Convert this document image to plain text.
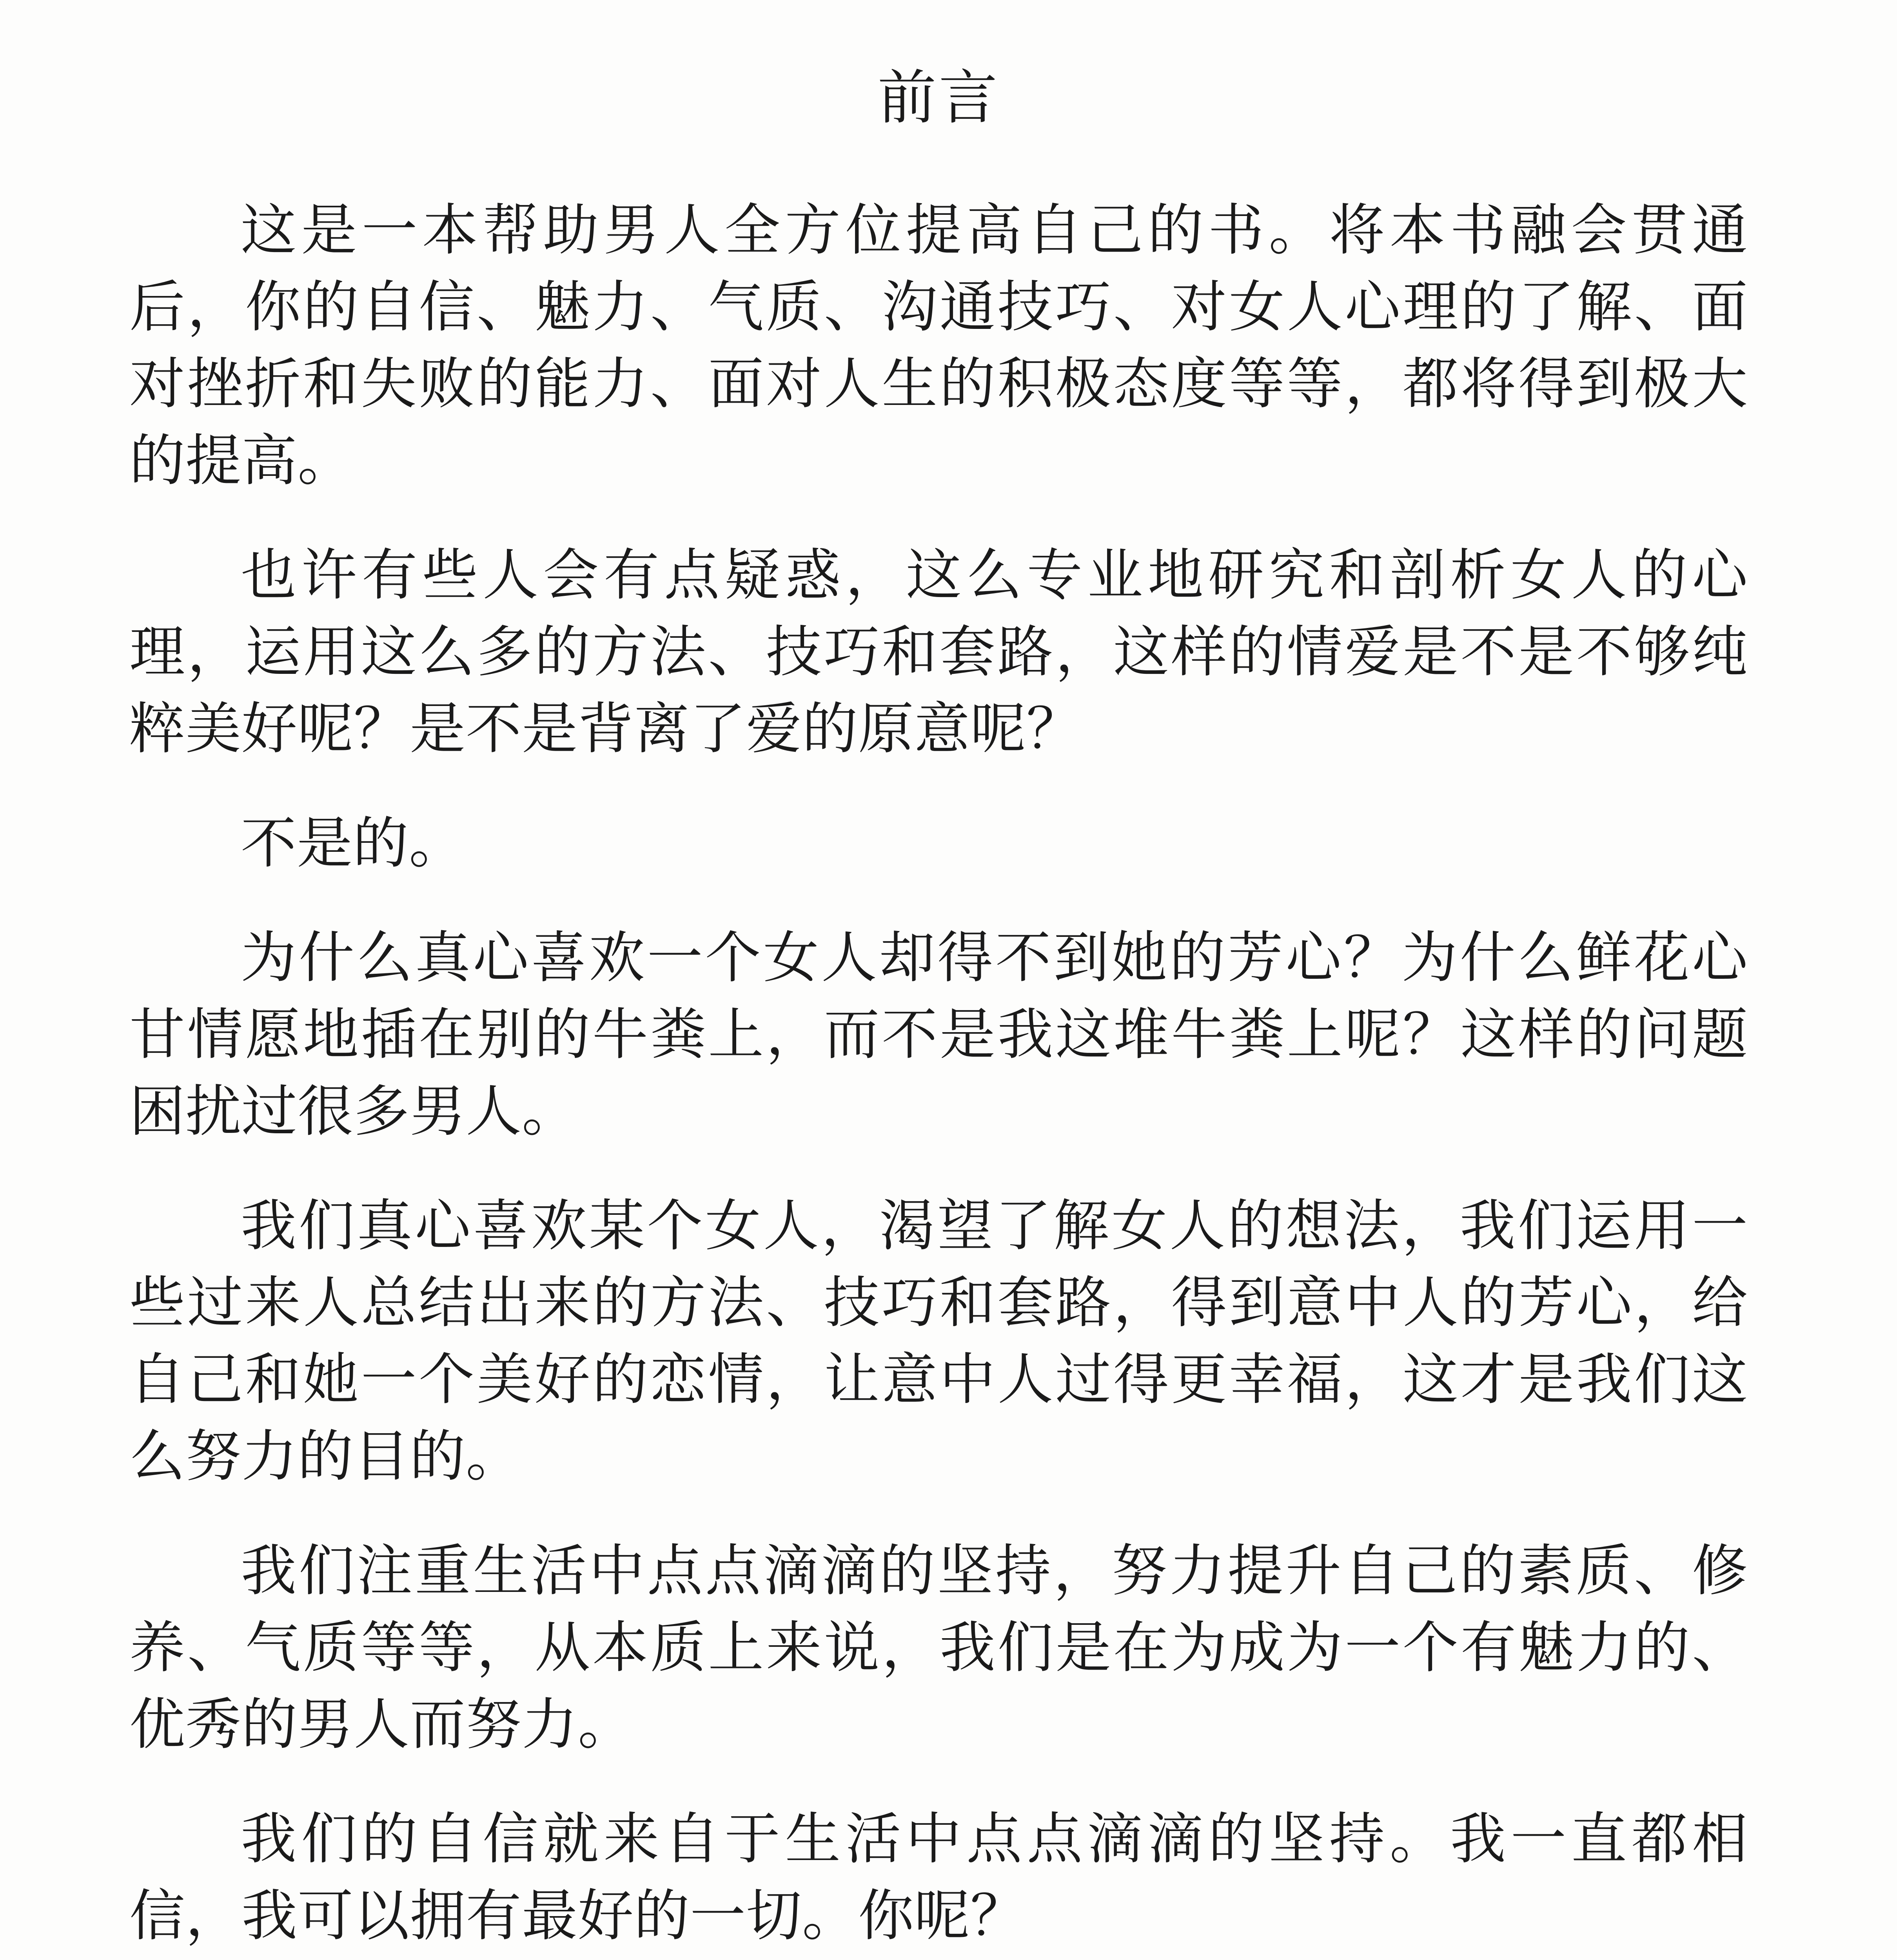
前言

这是一本帮助男人全方位提高自己的书。将本书融会贯通后，你的自信、魅力、气质、沟通技巧、对女人心理的了解、面对挫折和失败的能力、面对人生的积极态度等等，都将得到极大的提高。

也许有些人会有点疑惑，这么专业地研究和剖析女人的心理，运用这么多的方法、技巧和套路，这样的情爱是不是不够纯粹美好呢？是不是背离了爱的原意呢？

不是的。

为什么真心喜欢一个女人却得不到她的芳心？为什么鲜花心甘情愿地插在别的牛粪上，而不是我这堆牛粪上呢？这样的问题困扰过很多男人。

我们真心喜欢某个女人，渴望了解女人的想法，我们运用一些过来人总结出来的方法、技巧和套路，得到意中人的芳心，给自己和她一个美好的恋情，让意中人过得更幸福，这才是我们这么努力的目的。

我们注重生活中点点滴滴的坚持，努力提升自己的素质、修养、气质等等，从本质上来说，我们是在为成为一个有魅力的、优秀的男人而努力。

我们的自信就来自于生活中点点滴滴的坚持。我一直都相信，我可以拥有最好的一切。你呢？
